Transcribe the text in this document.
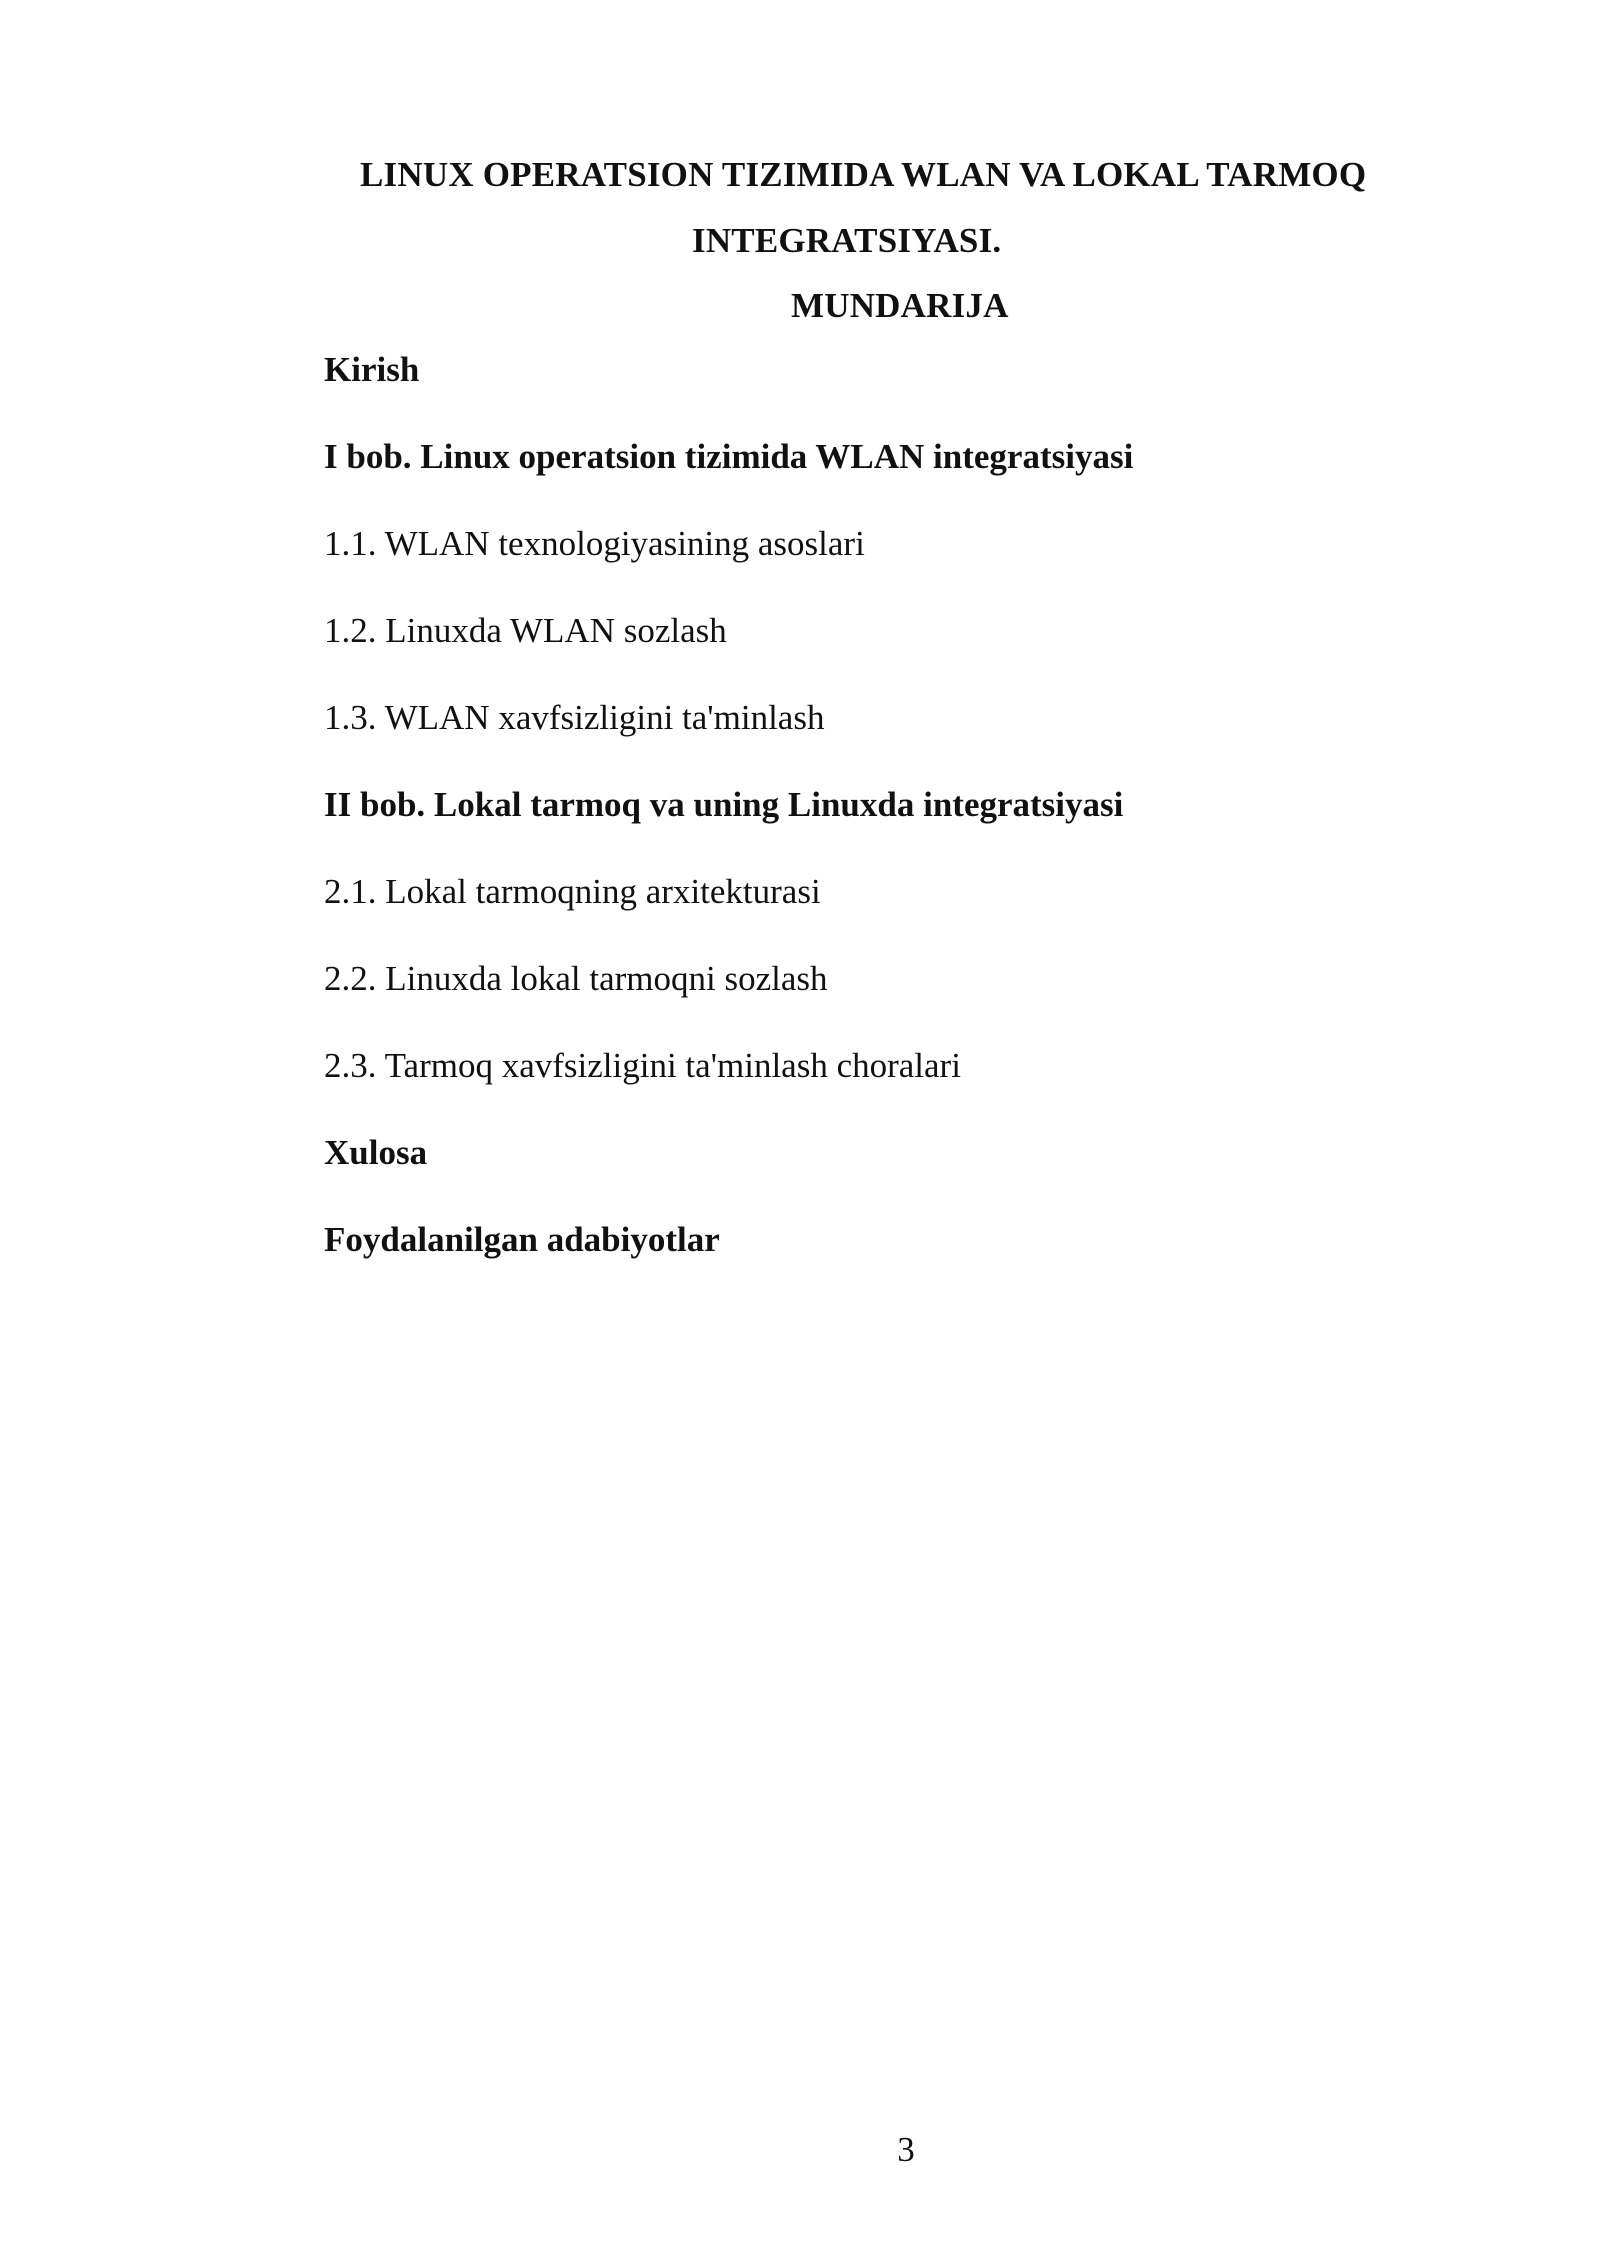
LINUX OPERATSION TIZIMIDA WLAN VA LOKAL TARMOQ
INTEGRATSIYASI.
MUNDARIJA
Kirish
I bob. Linux operatsion tizimida WLAN integratsiyasi
1.1. WLAN texnologiyasining asoslari
1.2. Linuxda WLAN sozlash
1.3. WLAN xavfsizligini ta'minlash
II bob. Lokal tarmoq va uning Linuxda integratsiyasi
2.1. Lokal tarmoqning arxitekturasi
2.2. Linuxda lokal tarmoqni sozlash
2.3. Tarmoq xavfsizligini ta'minlash choralari
Xulosa
Foydalanilgan adabiyotlar
3
